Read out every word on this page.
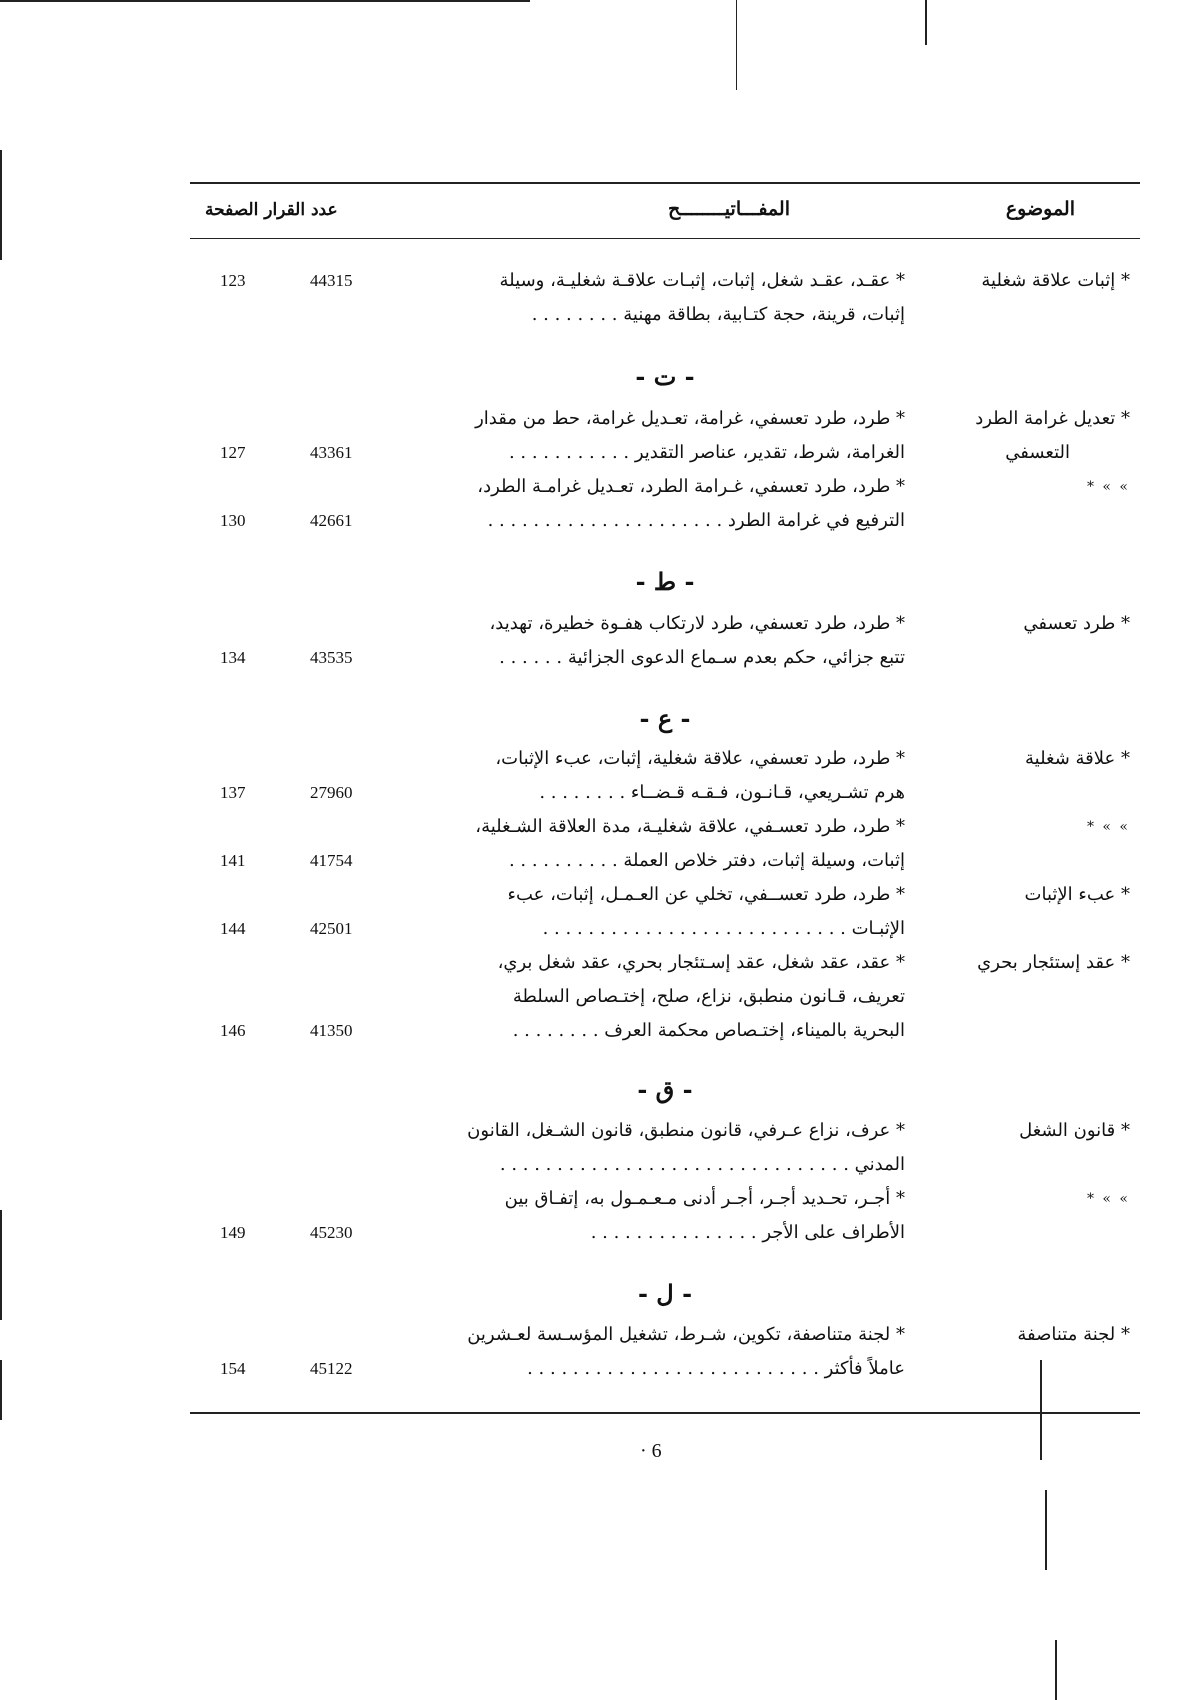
الموضوع
المفـــاتيــــــــح
عدد القرار الصفحة
* إثبات علاقة شغلية
* عقـد، عقـد شغل، إثبات، إثبـات علاقـة شغليـة، وسيلة
إثبات، قرينة، حجة كتـابية، بطاقة مهنية . . . . . . . .
44315
123
- ت -
* تعديل غرامة الطرد
التعسفي
* طرد، طرد تعسفي، غرامة، تعـديل غرامة، حط من مقدار
الغرامة، شرط، تقدير، عناصر التقدير . . . . . . . . . . .
43361
127
» » *
* طرد، طرد تعسفي، غـرامة الطرد، تعـديل غرامـة الطرد،
الترفيع في غرامة الطرد . . . . . . . . . . . . . . . . . . . . .
42661
130
- ط -
* طرد تعسفي
* طرد، طرد تعسفي، طرد لارتكاب هفـوة خطيرة، تهديد،
تتبع جزائي، حكم بعدم سـماع الدعوى الجزائية . . . . . .
43535
134
- ع -
* علاقة شغلية
* طرد، طرد تعسفي، علاقة شغلية، إثبات، عبء الإثبات،
هرم تشـريعي، قـانـون، فـقـه قـضــاء . . . . . . . .
27960
137
» » *
* طرد، طرد تعسـفي، علاقة شغليـة، مدة العلاقة الشـغلية،
إثبات، وسيلة إثبات، دفتر خلاص العملة . . . . . . . . . .
41754
141
* عبء الإثبات
* طرد، طرد تعســفي، تخلي عن العـمـل، إثبات، عبء
الإثبـات . . . . . . . . . . . . . . . . . . . . . . . . . . .
42501
144
* عقد إستئجار بحري
* عقد، عقد شغل، عقد إسـتئجار بحري، عقد شغل بري،
تعريف، قـانون منطبق، نزاع، صلح، إختـصاص السلطة
البحرية بالميناء، إختـصاص محكمة العرف . . . . . . . .
41350
146
- ق -
* قانون الشغل
* عرف، نزاع عـرفي، قانون منطبق، قانون الشـغل، القانون
المدني . . . . . . . . . . . . . . . . . . . . . . . . . . . . . . .
» » *
* أجـر، تحـديد أجـر، أجـر أدنى مـعـمـول به، إتفـاق بين
الأطراف على الأجر . . . . . . . . . . . . . . .
45230
149
- ل -
* لجنة متناصفة
* لجنة متناصفة، تكوين، شـرط، تشغيل المؤسـسة لعـشرين
عاملاً فأكثر . . . . . . . . . . . . . . . . . . . . . . . . . .
45122
154
6 ·
